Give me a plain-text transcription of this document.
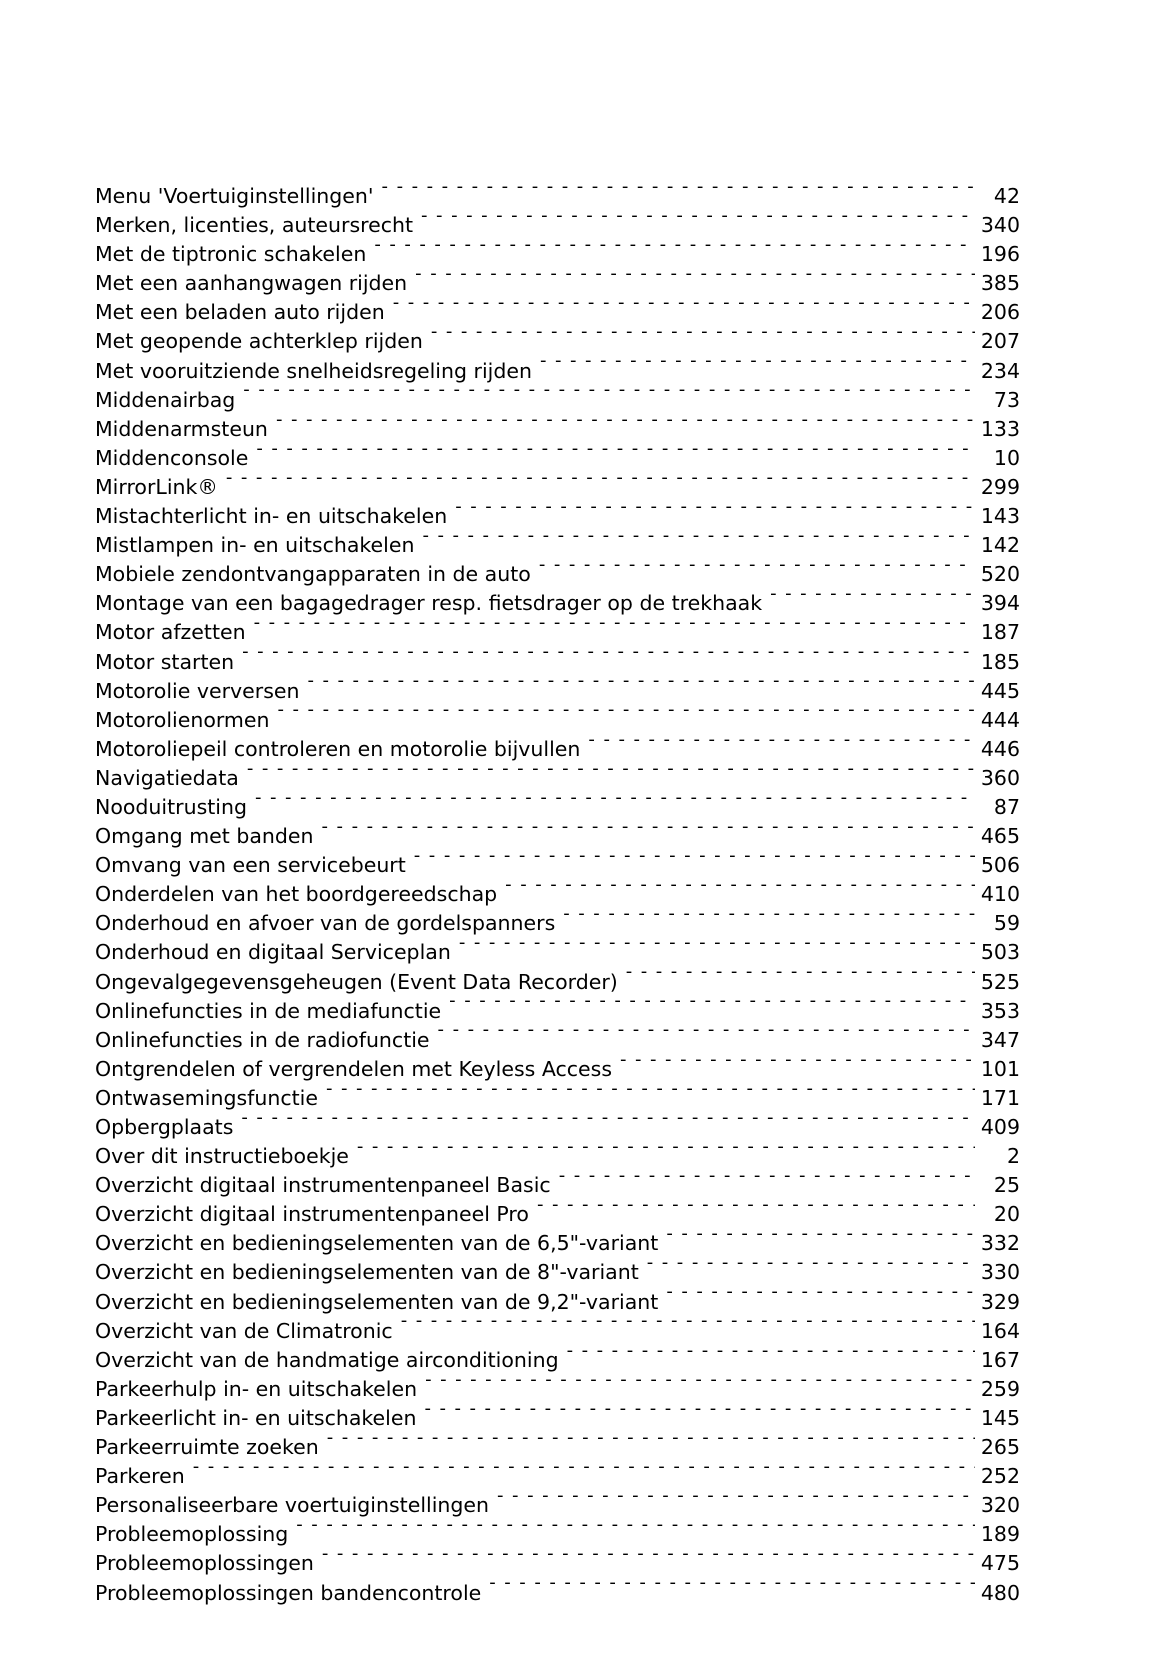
Menu 'Voertuiginstellingen' - - -	42
Merken, licenties, auteursrecht - - -	340
Met de tiptronic schakelen - - -	196
Met een aanhangwagen rijden - - -	385
Met een beladen auto rijden - - -	206
Met geopende achterklep rijden - - -	207
Met vooruitziende snelheidsregeling rijden - - -	234
Middenairbag - - -	73
Middenarmsteun - - -	133
Middenconsole - - -	10
MirrorLink® - - -	299
Mistachterlicht in- en uitschakelen - - -	143
Mistlampen in- en uitschakelen - - -	142
Mobiele zendontvangapparaten in de auto - - -	520
Montage van een bagagedrager resp. fietsdrager op de trekhaak - - -	394
Motor afzetten - - -	187
Motor starten - - -	185
Motorolie verversen - - -	445
Motorolienormen - - -	444
Motoroliepeil controleren en motorolie bijvullen - - -	446
Navigatiedata - - -	360
Nooduitrusting - - -	87
Omgang met banden - - -	465
Omvang van een servicebeurt - - -	506
Onderdelen van het boordgereedschap - - -	410
Onderhoud en afvoer van de gordelspanners - - -	59
Onderhoud en digitaal Serviceplan - - -	503
Ongevalgegevensgeheugen (Event Data Recorder) - - -	525
Onlinefuncties in de mediafunctie - - -	353
Onlinefuncties in de radiofunctie - - -	347
Ontgrendelen of vergrendelen met Keyless Access - - -	101
Ontwasemingsfunctie - - -	171
Opbergplaats - - -	409
Over dit instructieboekje - - -	2
Overzicht digitaal instrumentenpaneel Basic - - -	25
Overzicht digitaal instrumentenpaneel Pro - - -	20
Overzicht en bedieningselementen van de 6,5"-variant - - -	332
Overzicht en bedieningselementen van de 8"-variant - - -	330
Overzicht en bedieningselementen van de 9,2"-variant - - -	329
Overzicht van de Climatronic - - -	164
Overzicht van de handmatige airconditioning - - -	167
Parkeerhulp in- en uitschakelen - - -	259
Parkeerlicht in- en uitschakelen - - -	145
Parkeerruimte zoeken - - -	265
Parkeren - - -	252
Personaliseerbare voertuiginstellingen - - -	320
Probleemoplossing - - -	189
Probleemoplossingen - - -	475
Probleemoplossingen bandencontrole - - -	480
